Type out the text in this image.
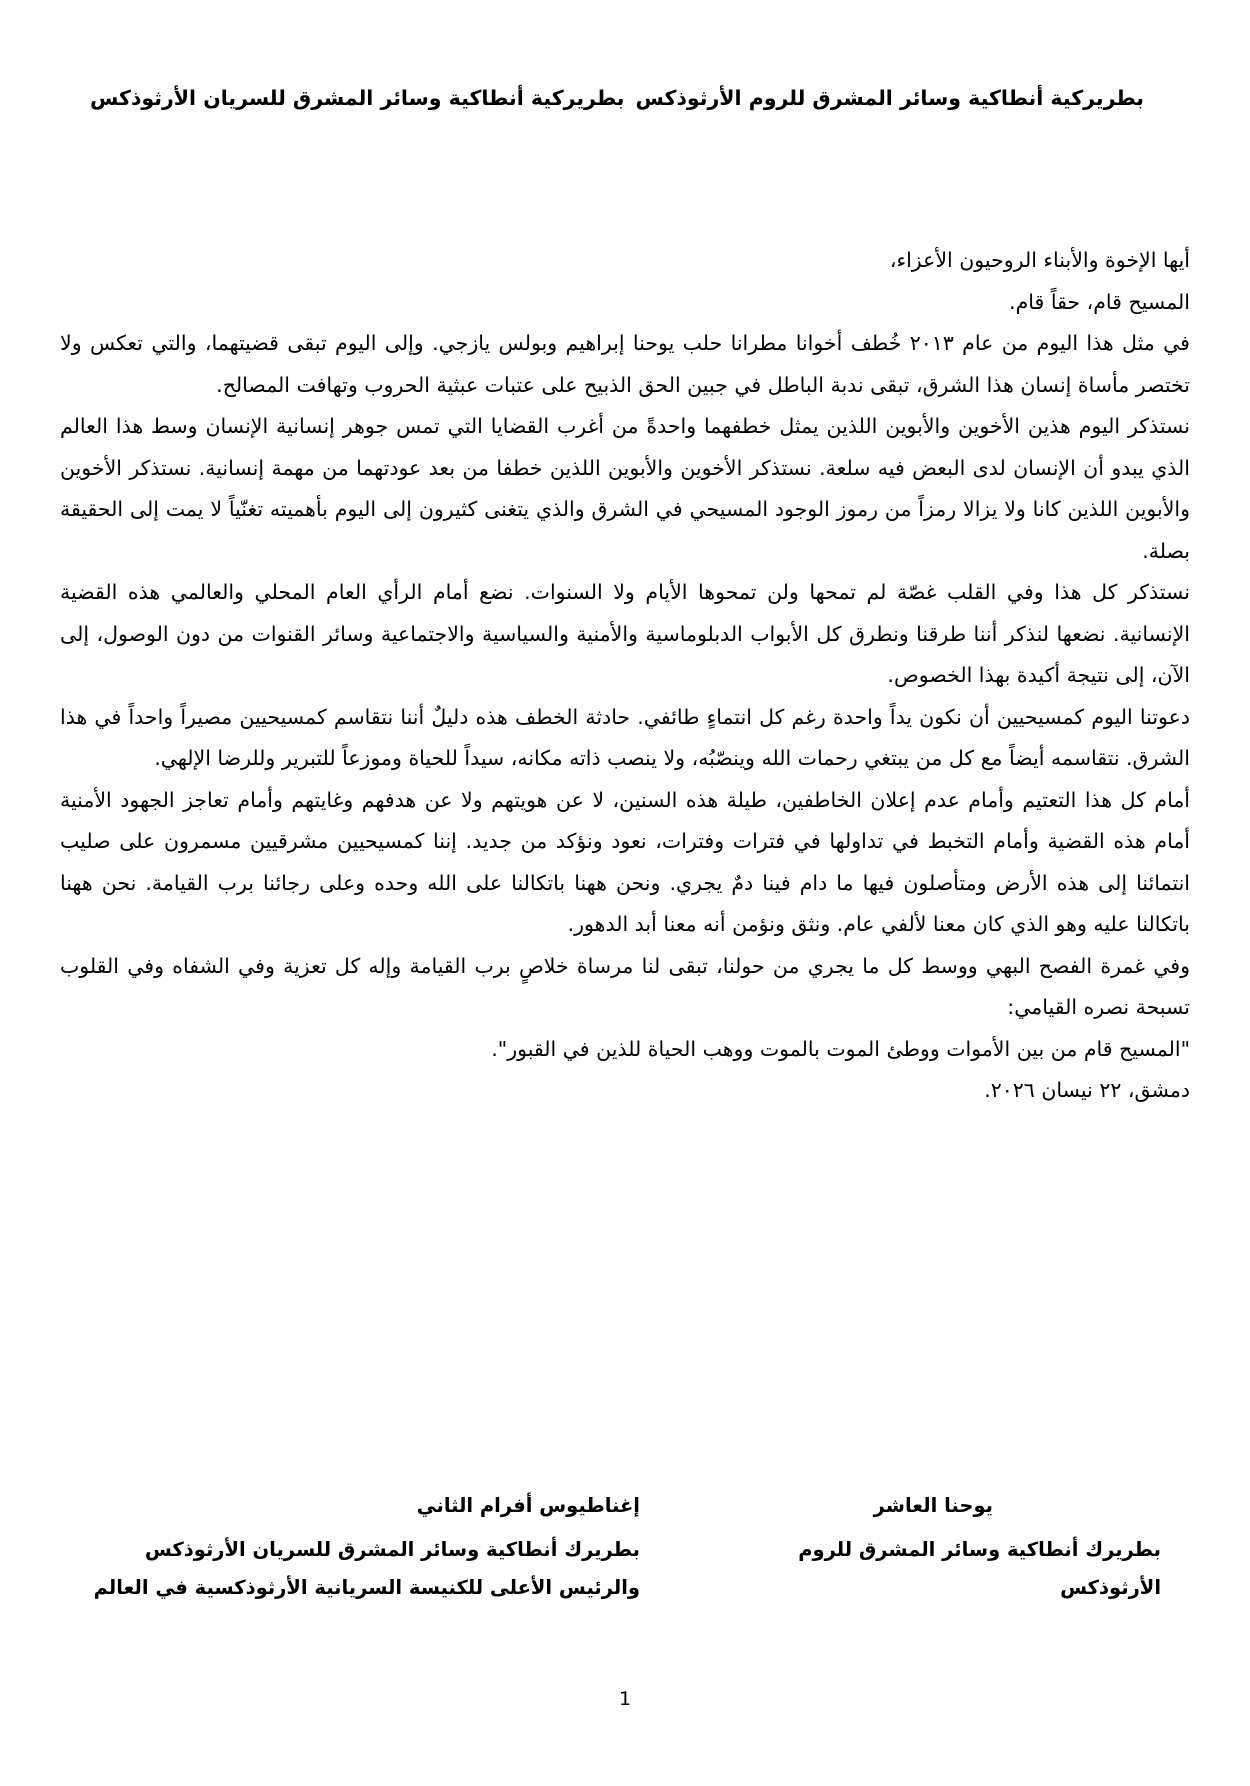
بطريركية أنطاكية وسائر المشرق للروم الأرثوذكس
بطريركية أنطاكية وسائر المشرق للسريان الأرثوذكس

أيها الإخوة والأبناء الروحيون الأعزاء،

المسيح قام، حقاً قام.

في مثل هذا اليوم من عام ٢٠١٣ خُطف أخوانا مطرانا حلب يوحنا إبراهيم وبولس يازجي. وإلى اليوم تبقى قضيتهما، والتي تعكس ولا تختصر مأساة إنسان هذا الشرق، تبقى ندبة الباطل في جبين الحق الذبيح على عتبات عبثية الحروب وتهافت المصالح.

نستذكر اليوم هذين الأخوين والأبوين اللذين يمثل خطفهما واحدةً من أغرب القضايا التي تمس جوهر إنسانية الإنسان وسط هذا العالم الذي يبدو أن الإنسان لدى البعض فيه سلعة. نستذكر الأخوين والأبوين اللذين خطفا من بعد عودتهما من مهمة إنسانية. نستذكر الأخوين والأبوين اللذين كانا ولا يزالا رمزاً من رموز الوجود المسيحي في الشرق والذي يتغنى كثيرون إلى اليوم بأهميته تغنّياً لا يمت إلى الحقيقة بصلة.

نستذكر كل هذا وفي القلب غصّة لم تمحها ولن تمحوها الأيام ولا السنوات. نضع أمام الرأي العام المحلي والعالمي هذه القضية الإنسانية. نضعها لنذكر أننا طرقنا ونطرق كل الأبواب الدبلوماسية والأمنية والسياسية والاجتماعية وسائر القنوات من دون الوصول، إلى الآن، إلى نتيجة أكيدة بهذا الخصوص.

دعوتنا اليوم كمسيحيين أن نكون يداً واحدة رغم كل انتماءٍ طائفي. حادثة الخطف هذه دليلٌ أننا نتقاسم كمسيحيين مصيراً واحداً في هذا الشرق. نتقاسمه أيضاً مع كل من يبتغي رحمات الله وينصّبُه، ولا ينصب ذاته مكانه، سيداً للحياة وموزعاً للتبرير وللرضا الإلهي.

أمام كل هذا التعتيم وأمام عدم إعلان الخاطفين، طيلة هذه السنين، لا عن هويتهم ولا عن هدفهم وغايتهم وأمام تعاجز الجهود الأمنية أمام هذه القضية وأمام التخبط في تداولها في فترات وفترات، نعود ونؤكد من جديد. إننا كمسيحيين مشرقيين مسمرون على صليب انتمائنا إلى هذه الأرض ومتأصلون فيها ما دام فينا دمٌ يجري. ونحن ههنا باتكالنا على الله وحده وعلى رجائنا برب القيامة. نحن ههنا باتكالنا عليه وهو الذي كان معنا لألفي عام. ونثق ونؤمن أنه معنا أبد الدهور.

وفي غمرة الفصح البهي ووسط كل ما يجري من حولنا، تبقى لنا مرساة خلاصٍ برب القيامة وإله كل تعزية وفي الشفاه وفي القلوب تسبحة نصره القيامي:

"المسيح قام من بين الأموات ووطئ الموت بالموت ووهب الحياة للذين في القبور".

دمشق، ٢٢ نيسان ٢٠٢٦.

يوحنا العاشر
بطريرك أنطاكية وسائر المشرق للروم الأرثوذكس
إغناطيوس أفرام الثاني
بطريرك أنطاكية وسائر المشرق للسريان الأرثوذكس والرئيس الأعلى للكنيسة السريانية الأرثوذكسية في العالم
1
